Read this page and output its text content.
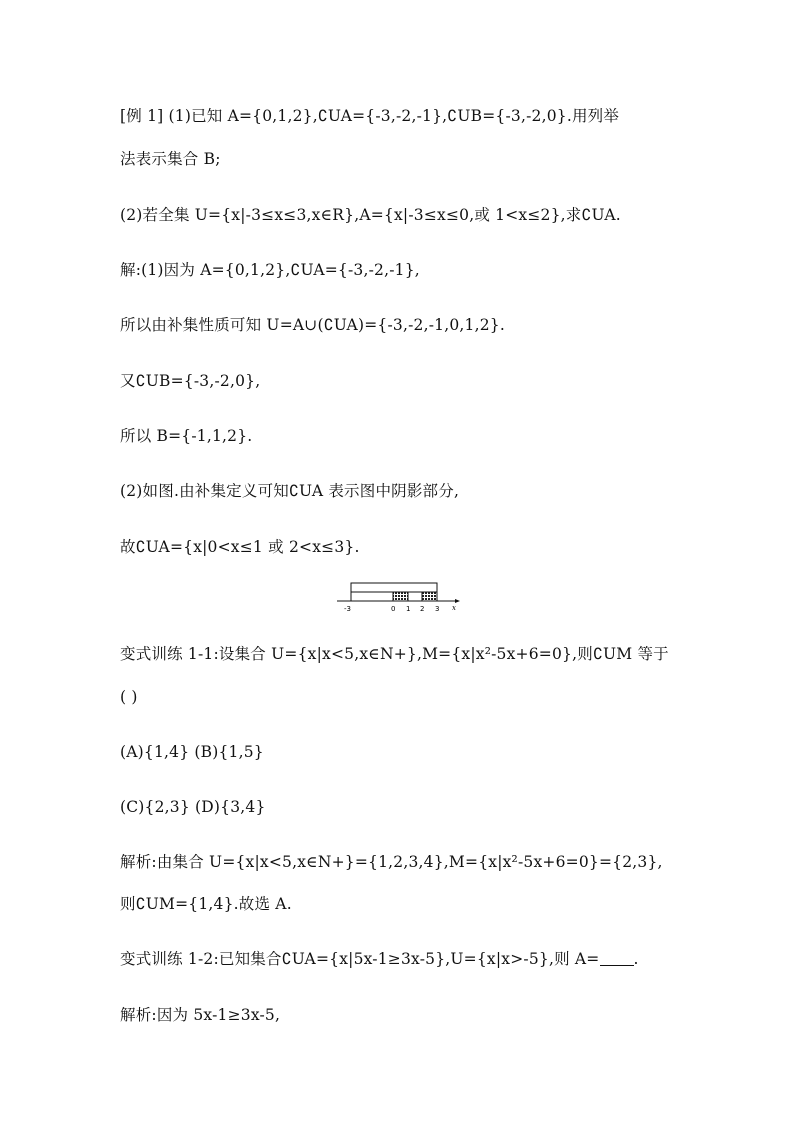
[例 1] (1)已知 A={0,1,2},∁UA={-3,-2,-1},∁UB={-3,-2,0}.用列举
法表示集合 B;
(2)若全集 U={x|-3≤x≤3,x∈R},A={x|-3≤x≤0,或 1<x≤2},求∁UA.
解:(1)因为 A={0,1,2},∁UA={-3,-2,-1},
所以由补集性质可知 U=A∪(∁UA)={-3,-2,-1,0,1,2}.
又∁UB={-3,-2,0},
所以 B={-1,1,2}.
(2)如图.由补集定义可知∁UA 表示图中阴影部分,
故∁UA={x|0<x≤1 或 2<x≤3}.
-3	0 1 2 3 x
变式训练 1-1:设集合 U={x|x<5,x∈N+},M={x|x²-5x+6=0},则∁UM 等于
( )
(A){1,4} (B){1,5}
(C){2,3} (D){3,4}
解析:由集合 U={x|x<5,x∈N+}={1,2,3,4},M={x|x²-5x+6=0}={2,3},
则∁UM={1,4}.故选 A.
变式训练 1-2:已知集合∁UA={x|5x-1≥3x-5},U={x|x>-5},则 A= .
解析:因为 5x-1≥3x-5,
